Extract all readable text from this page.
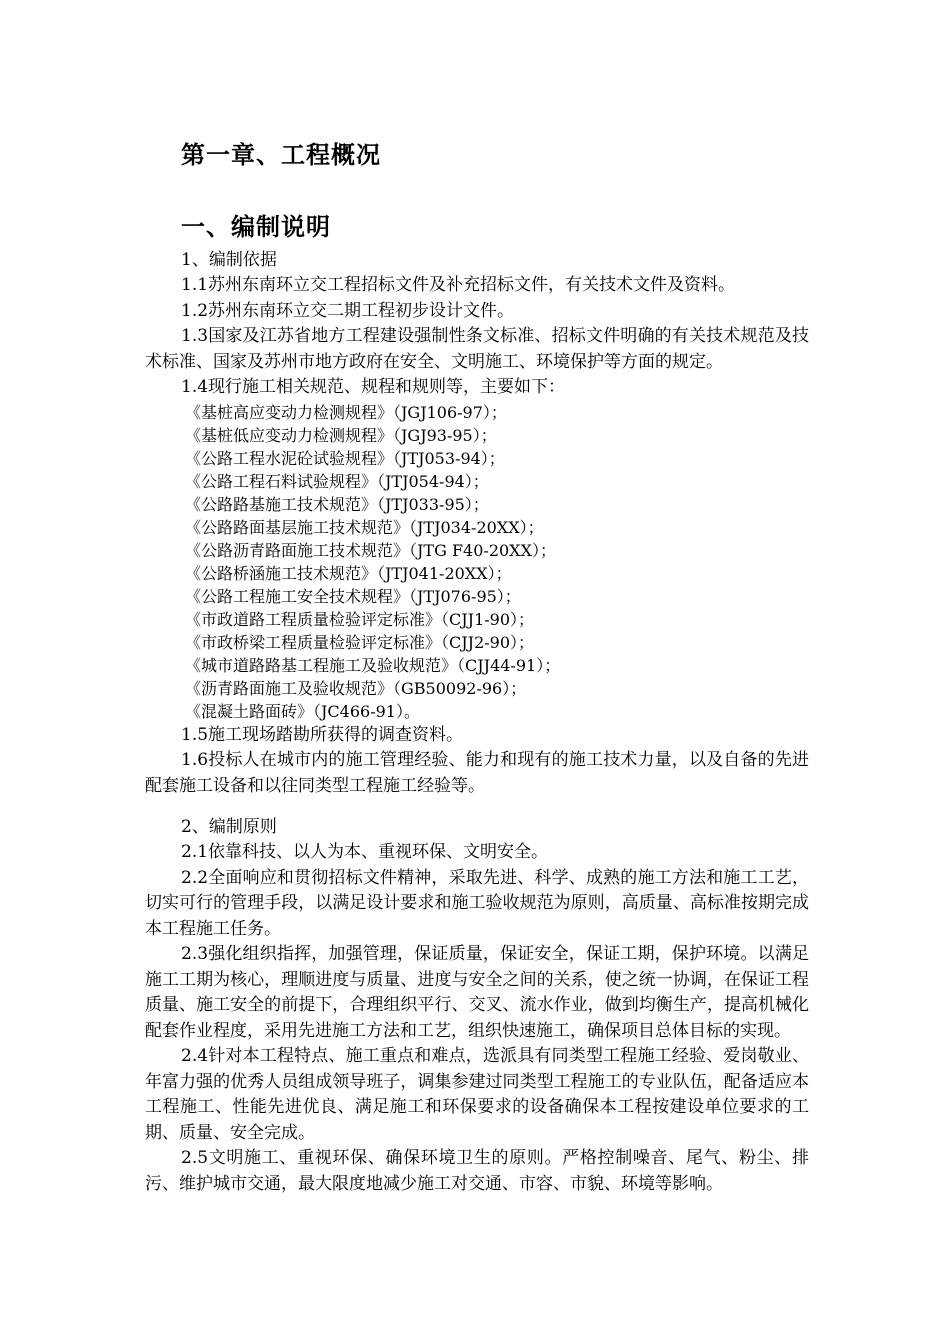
第一章、工程概况
一、编制说明

1、编制依据

1.1苏州东南环立交工程招标文件及补充招标文件，有关技术文件及资料。

1.2苏州东南环立交二期工程初步设计文件。

1.3国家及江苏省地方工程建设强制性条文标准、招标文件明确的有关技术规范及技术标准、国家及苏州市地方政府在安全、文明施工、环境保护等方面的规定。

1.4现行施工相关规范、规程和规则等，主要如下：

《基桩高应变动力检测规程》（JGJ106-97）；
《基桩低应变动力检测规程》（JGJ93-95）；
《公路工程水泥砼试验规程》（JTJ053-94）；
《公路工程石料试验规程》（JTJ054-94）；
《公路路基施工技术规范》（JTJ033-95）；
《公路路面基层施工技术规范》（JTJ034-20XX）；
《公路沥青路面施工技术规范》（JTG F40-20XX）；
《公路桥涵施工技术规范》（JTJ041-20XX）；
《公路工程施工安全技术规程》（JTJ076-95）；
《市政道路工程质量检验评定标准》（CJJ1-90）；
《市政桥梁工程质量检验评定标准》（CJJ2-90）；
《城市道路路基工程施工及验收规范》（CJJ44-91）；
《沥青路面施工及验收规范》（GB50092-96）；
《混凝土路面砖》（JC466-91）。

1.5施工现场踏勘所获得的调查资料。

1.6投标人在城市内的施工管理经验、能力和现有的施工技术力量，以及自备的先进配套施工设备和以往同类型工程施工经验等。

2、编制原则

2.1依靠科技、以人为本、重视环保、文明安全。

2.2全面响应和贯彻招标文件精神，采取先进、科学、成熟的施工方法和施工工艺，切实可行的管理手段，以满足设计要求和施工验收规范为原则，高质量、高标准按期完成本工程施工任务。

2.3强化组织指挥，加强管理，保证质量，保证安全，保证工期，保护环境。以满足施工工期为核心，理顺进度与质量、进度与安全之间的关系，使之统一协调，在保证工程质量、施工安全的前提下，合理组织平行、交叉、流水作业，做到均衡生产，提高机械化配套作业程度，采用先进施工方法和工艺，组织快速施工，确保项目总体目标的实现。

2.4针对本工程特点、施工重点和难点，选派具有同类型工程施工经验、爱岗敬业、年富力强的优秀人员组成领导班子，调集参建过同类型工程施工的专业队伍，配备适应本工程施工、性能先进优良、满足施工和环保要求的设备确保本工程按建设单位要求的工期、质量、安全完成。

2.5文明施工、重视环保、确保环境卫生的原则。严格控制噪音、尾气、粉尘、排污、维护城市交通，最大限度地减少施工对交通、市容、市貌、环境等影响。
